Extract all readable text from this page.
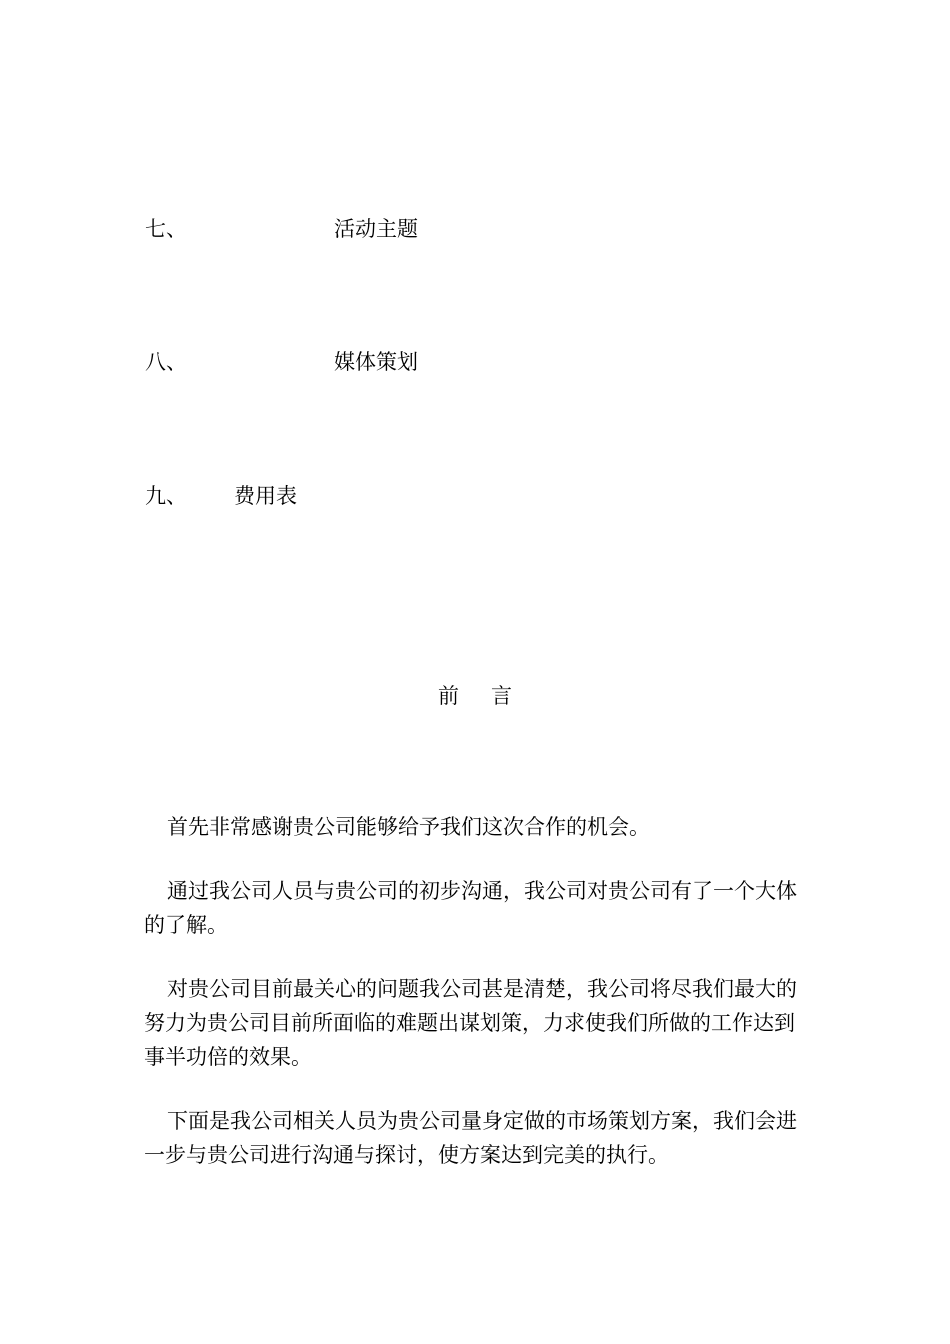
七、	活动主题
八、	媒体策划
九、 费用表
前 言

首先非常感谢贵公司能够给予我们这次合作的机会。

通过我公司人员与贵公司的初步沟通，我公司对贵公司有了一个大体的了解。

对贵公司目前最关心的问题我公司甚是清楚，我公司将尽我们最大的努力为贵公司目前所面临的难题出谋划策，力求使我们所做的工作达到事半功倍的效果。

下面是我公司相关人员为贵公司量身定做的市场策划方案，我们会进一步与贵公司进行沟通与探讨，使方案达到完美的执行。
